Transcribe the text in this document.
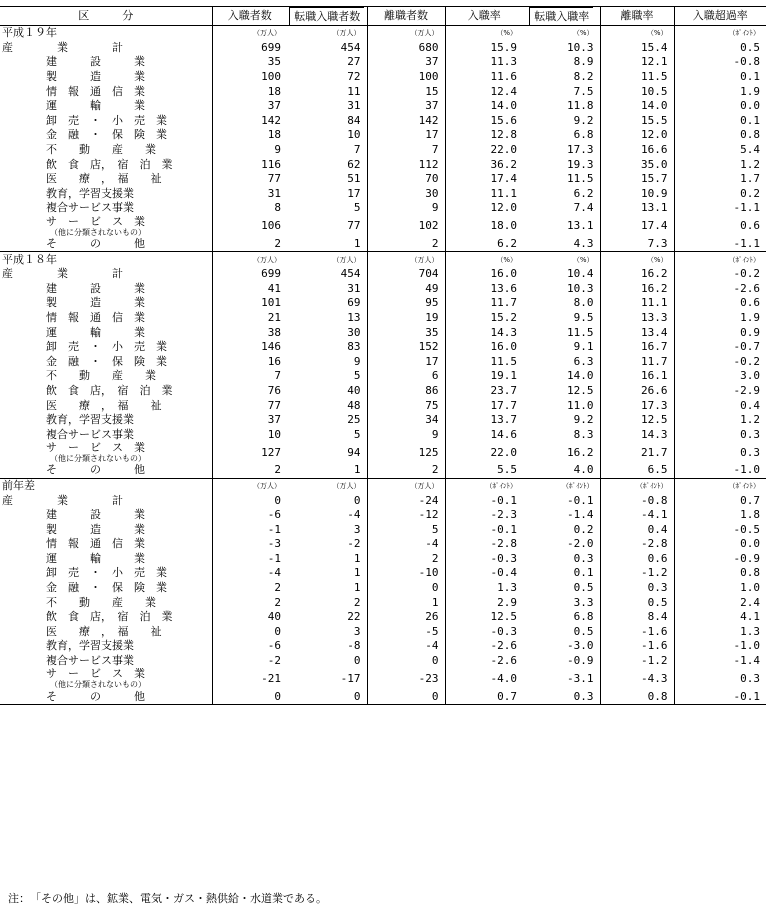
区　　　分	入職者数	転職入職者数	離職者数	入職率	転職入職率	離職率	入職超過率
平成１９年	（万人）	（万人）	（万人）	（%）	（%）	（%）	（ﾎﾟｲﾝﾄ）

産　　　　業　　　　計	699	454	680	15.9	10.3	15.4	0.5

建　　　設　　　業	35	27	37	11.3	8.9	12.1	-0.8

製　　　造　　　業	100	72	100	11.6	8.2	11.5	0.1

情　報　通　信　業	18	11	15	12.4	7.5	10.5	1.9

運　　　輸　　　業	37	31	37	14.0	11.8	14.0	0.0

卸　売　・　小　売　業	142	84	142	15.6	9.2	15.5	0.1

金　融　・　保　険　業	18	10	17	12.8	6.8	12.0	0.8

不　　動　　産　　業	9	7	7	22.0	17.3	16.6	5.4

飲　食　店，　宿　泊　業	116	62	112	36.2	19.3	35.0	1.2

医　　療　，　福　　祉	77	51	70	17.4	11.5	15.7	1.7

教育，学習支援業	31	17	30	11.1	6.2	10.9	0.2

複合サービス事業	8	5	9	12.0	7.4	13.1	-1.1

サ　ー　ビ　ス　業
（他に分類されないもの）	106	77	102	18.0	13.1	17.4	0.6

そ　　　の　　　他	2	1	2	6.2	4.3	7.3	-1.1
平成１８年	（万人）	（万人）	（万人）	（%）	（%）	（%）	（ﾎﾟｲﾝﾄ）

産　　　　業　　　　計	699	454	704	16.0	10.4	16.2	-0.2

建　　　設　　　業	41	31	49	13.6	10.3	16.2	-2.6

製　　　造　　　業	101	69	95	11.7	8.0	11.1	0.6

情　報　通　信　業	21	13	19	15.2	9.5	13.3	1.9

運　　　輸　　　業	38	30	35	14.3	11.5	13.4	0.9

卸　売　・　小　売　業	146	83	152	16.0	9.1	16.7	-0.7

金　融　・　保　険　業	16	9	17	11.5	6.3	11.7	-0.2

不　　動　　産　　業	7	5	6	19.1	14.0	16.1	3.0

飲　食　店，　宿　泊　業	76	40	86	23.7	12.5	26.6	-2.9

医　　療　，　福　　祉	77	48	75	17.7	11.0	17.3	0.4

教育，学習支援業	37	25	34	13.7	9.2	12.5	1.2

複合サービス事業	10	5	9	14.6	8.3	14.3	0.3

サ　ー　ビ　ス　業
（他に分類されないもの）	127	94	125	22.0	16.2	21.7	0.3

そ　　　の　　　他	2	1	2	5.5	4.0	6.5	-1.0
前年差	（万人）	（万人）	（万人）	（ﾎﾟｲﾝﾄ）	（ﾎﾟｲﾝﾄ）	（ﾎﾟｲﾝﾄ）	（ﾎﾟｲﾝﾄ）

産　　　　業　　　　計	0	0	-24	-0.1	-0.1	-0.8	0.7

建　　　設　　　業	-6	-4	-12	-2.3	-1.4	-4.1	1.8

製　　　造　　　業	-1	3	5	-0.1	0.2	0.4	-0.5

情　報　通　信　業	-3	-2	-4	-2.8	-2.0	-2.8	0.0

運　　　輸　　　業	-1	1	2	-0.3	0.3	0.6	-0.9

卸　売　・　小　売　業	-4	1	-10	-0.4	0.1	-1.2	0.8

金　融　・　保　険　業	2	1	0	1.3	0.5	0.3	1.0

不　　動　　産　　業	2	2	1	2.9	3.3	0.5	2.4

飲　食　店，　宿　泊　業	40	22	26	12.5	6.8	8.4	4.1

医　　療　，　福　　祉	0	3	-5	-0.3	0.5	-1.6	1.3

教育，学習支援業	-6	-8	-4	-2.6	-3.0	-1.6	-1.0

複合サービス事業	-2	0	0	-2.6	-0.9	-1.2	-1.4

サ　ー　ビ　ス　業
（他に分類されないもの）	-21	-17	-23	-4.0	-3.1	-4.3	0.3

そ　　　の　　　他	0	0	0	0.7	0.3	0.8	-0.1
注：　「その他」は、鉱業、電気・ガス・熱供給・水道業である。
